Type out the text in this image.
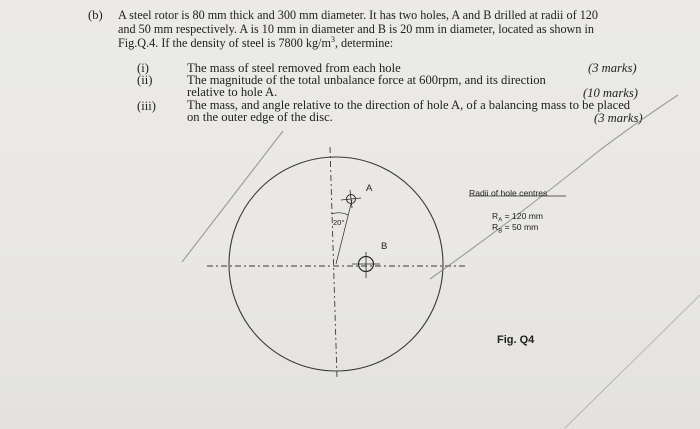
(b) A steel rotor is 80 mm thick and 300 mm diameter. It has two holes, A and B drilled at radii of 120
and 50 mm respectively. A is 10 mm in diameter and B is 20 mm in diameter, located as shown in
Fig.Q.4. If the density of steel is 7800 $kg/m^3$, determine:
(i)	The mass of steel removed from each hole	(3 marks)
(ii)	The magnitude of the total unbalance force at 600rpm, and its direction
relative to hole A.	(10 marks)
(iii) The mass, and angle relative to the direction of hole A, of a balancing mass to be placed
on the outer edge of the disc.	(3 marks)
A
B
20°
Radii of hole centres
$R_A = 120$ mm
$R_B = 50$ mm
Fig. Q4
